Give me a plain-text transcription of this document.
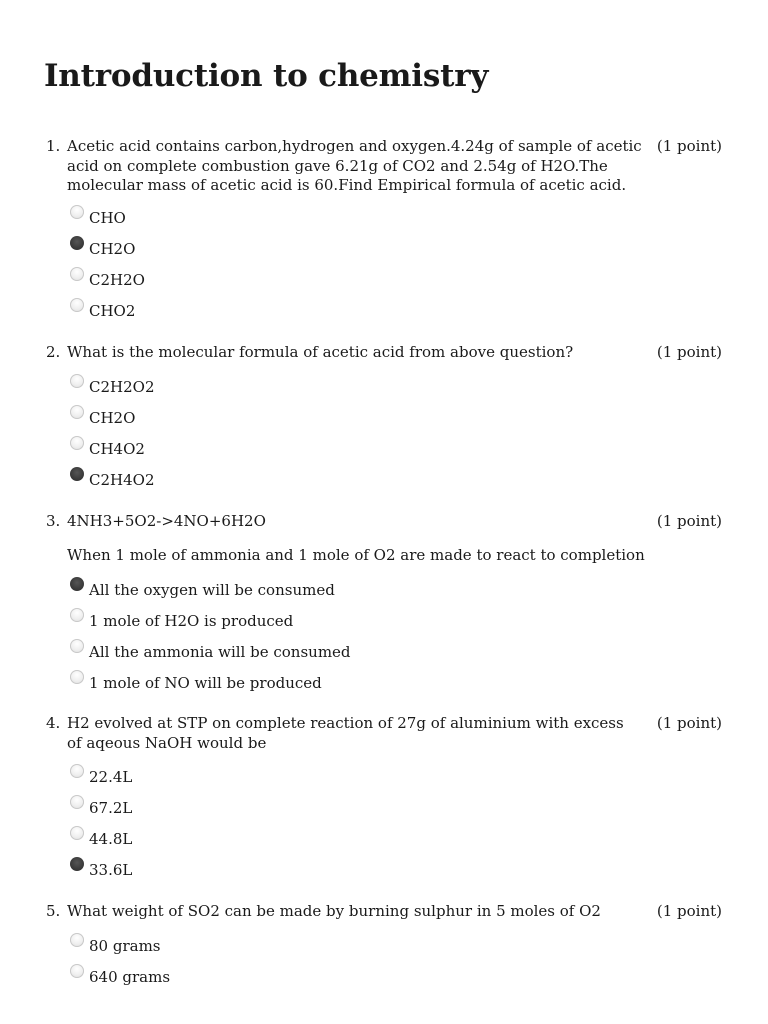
Introduction to chemistry
1. Acetic acid contains carbon,hydrogen and oxygen.4.24g of sample of acetic acid on complete combustion gave 6.21g of CO2 and 2.54g of H2O.The molecular mass of acetic acid is 60.Find Empirical formula of acetic acid.
(1 point)
CHO
CH2O
C2H2O
CHO2
2. What is the molecular formula of acetic acid from above question?	(1 point)
C2H2O2
CH2O
CH4O2
C2H4O2
3. 4NH3+5O2->4NO+6H2O	(1 point)
When 1 mole of ammonia and 1 mole of O2 are made to react to completion
All the oxygen will be consumed
1 mole of H2O is produced
All the ammonia will be consumed
1 mole of NO will be produced
4. H2 evolved at STP on complete reaction of 27g of aluminium with excess of aqeous NaOH would be
(1 point)
22.4L
67.2L
44.8L
33.6L
5. What weight of SO2 can be made by burning sulphur in 5 moles of O2	(1 point)
80 grams
640 grams
